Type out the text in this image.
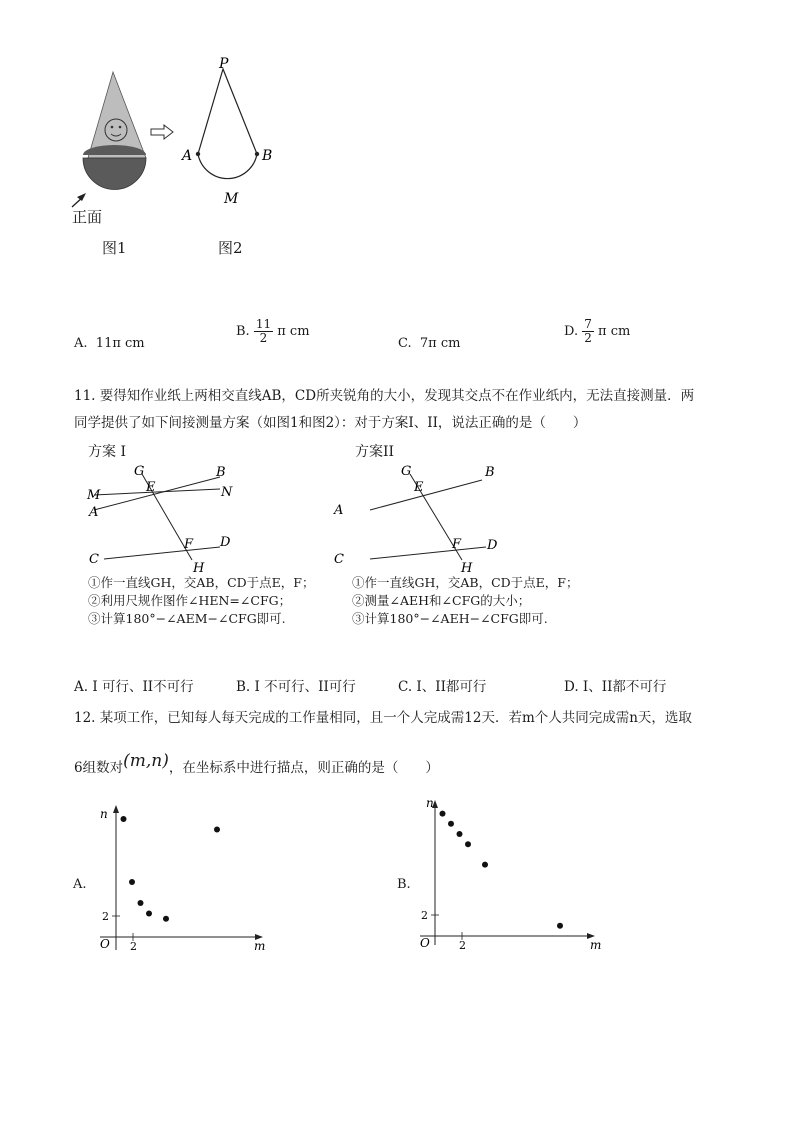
P
A	B
M
正面
图1	图2
A. 11π cm
B. $\frac{11}{2}$ π cm
C. 7π cm
D. $\frac{7}{2}$ π cm
11. 要得知作业纸上两相交直线AB，CD所夹锐角的大小，发现其交点不在作业纸内，无法直接测量．两
同学提供了如下间接测量方案（如图1和图2）：对于方案I、II，说法正确的是（　　）
方案 I	方案II
G	B
E
M	N
A
F D
C
H
G	B
E
A
F D
C
H
①作一直线GH，交AB，CD于点E，F；
②利用尺规作图作∠HEN=∠CFG；
③计算180°−∠AEM−∠CFG即可.
①作一直线GH，交AB，CD于点E，F；
②测量∠AEH和∠CFG的大小；
③计算180°−∠AEH−∠CFG即可.
A. I 可行、II不可行	B. I 不可行、II可行	C. I、II都可行	D. I、II都不可行
12. 某项工作，已知每人每天完成的工作量相同，且一个人完成需12天．若m个人共同完成需n天，选取
6组数对(m,n)，在坐标系中进行描点，则正确的是（　　）
A.
n
m
O 2
2
B.
n
m
O	2
2
